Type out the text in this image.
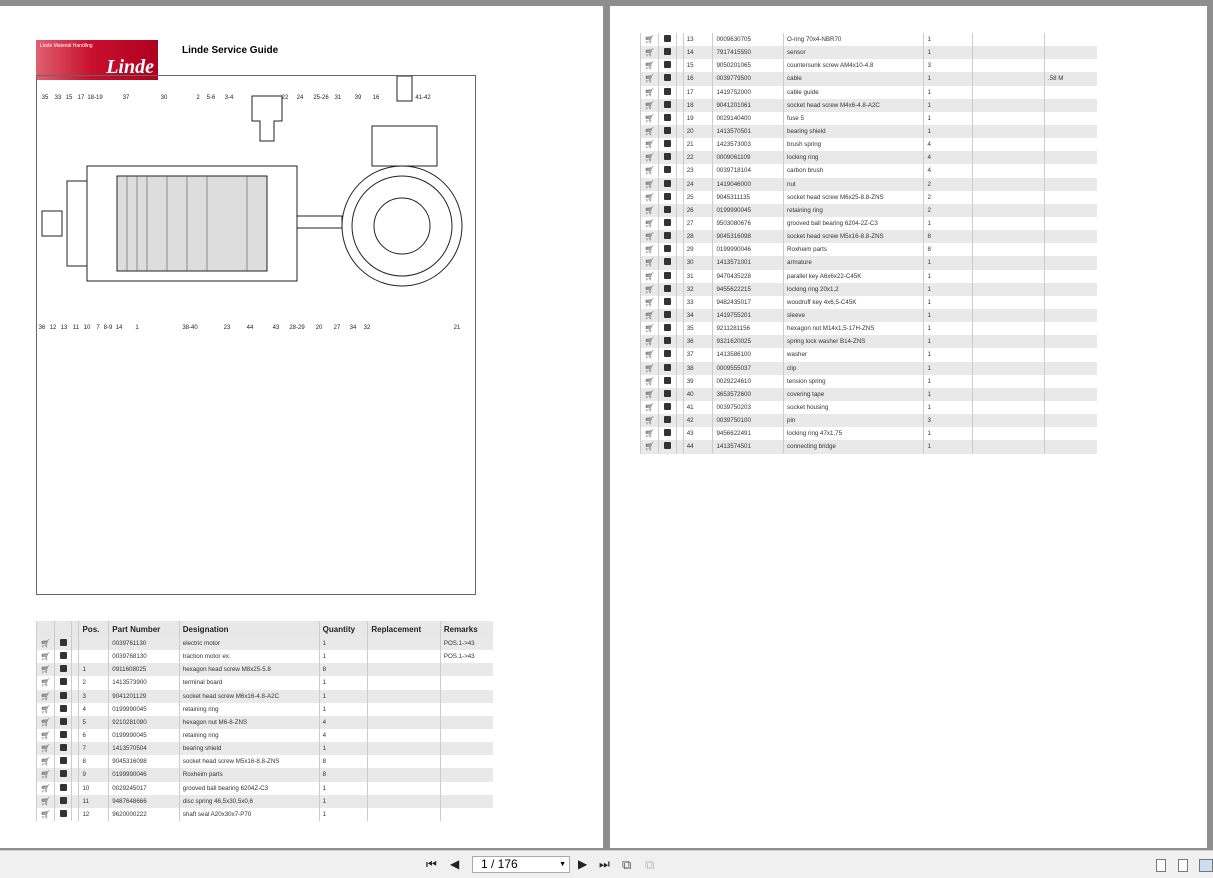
Linde Material Handling
Linde
Linde Service Guide
35 33 15 17 18-19	37	30	2 5-6 3-4	22 24 25-26 31 39 16	41-42
36 12 13 11 10 7 8-9 14 1	38-40	23	44	43 28-29 20 27 34 32	21
			Pos.	Part Number	Designation	Quantity	Replacement	Remarks
🛒︎				0039761130	electric motor	1		POS.1->43
🛒︎				0039768130	traction motor ex.	1		POS.1->43
🛒︎			1	0911608025	hexagon head screw M8x25-5.8	8		
🛒︎			2	1413573900	terminal board	1		
🛒︎			3	9041201129	socket head screw M6x16-4.8-A2C	1		
🛒︎			4	0199990045	retaining ring	1		
🛒︎			5	9210281090	hexagon nut M6-8-ZNS	4		
🛒︎			6	0199990045	retaining ring	4		
🛒︎			7	1413570504	bearing shield	1		
🛒︎			8	9045316098	socket head screw M5x16-8.8-ZNS	8		
🛒︎			9	0199990046	Roxheim parts	8		
🛒︎			10	0029245017	grooved ball bearing 6204Z-C3	1		
🛒︎			11	9487648666	disc spring 46,5x30,5x0,6	1		
🛒︎			12	9620000222	shaft seal A20x30x7-P70	1		
🛒︎			13	0009630705	O-ring 70x4-NBR70	1		
🛒︎			14	7917415550	sensor	1		
🛒︎			15	9050201065	countersunk screw AM4x10-4.8	3		
🛒︎			16	0039779500	cable	1		.58 M
🛒︎			17	1419752000	cable guide	1		
🛒︎			18	9041201061	socket head screw M4x6-4.8-A2C	1		
🛒︎			19	0029140400	fuse 5	1		
🛒︎			20	1413570501	bearing shield	1		
🛒︎			21	1423573003	brush spring	4		
🛒︎			22	0009061109	locking ring	4		
🛒︎			23	0039718104	carbon brush	4		
🛒︎			24	1419046000	nut	2		
🛒︎			25	9045311135	socket head screw M6x25-8.8-ZNS	2		
🛒︎			26	0199990045	retaining ring	2		
🛒︎			27	9503080676	grooved ball bearing 6204-2Z-C3	1		
🛒︎			28	9045316098	socket head screw M5x16-8.8-ZNS	8		
🛒︎			29	0199990046	Roxheim parts	8		
🛒︎			30	1413571001	armature	1		
🛒︎			31	9470435228	parallel key A6x6x22-C45K	1		
🛒︎			32	9455622215	locking ring 20x1,2	1		
🛒︎			33	9482435017	woodruff key 4x6,5-C45K	1		
🛒︎			34	1419755201	sleeve	1		
🛒︎			35	9211281156	hexagon nut M14x1,5-17H-ZNS	1		
🛒︎			36	9321620025	spring lock washer B14-ZNS	1		
🛒︎			37	1413586100	washer	1		
🛒︎			38	0009555037	clip	1		
🛒︎			39	0029224610	tension spring	1		
🛒︎			40	3653572600	covering tape	1		
🛒︎			41	0039750203	socket housing	1		
🛒︎			42	0039750100	pin	3		
🛒︎			43	9456622491	locking ring 47x1,75	1		
🛒︎			44	1413574501	connecting bridge	1		
⏮ ◀	1 / 176	▼ ▶ ⏭ ⧉ ⧉
